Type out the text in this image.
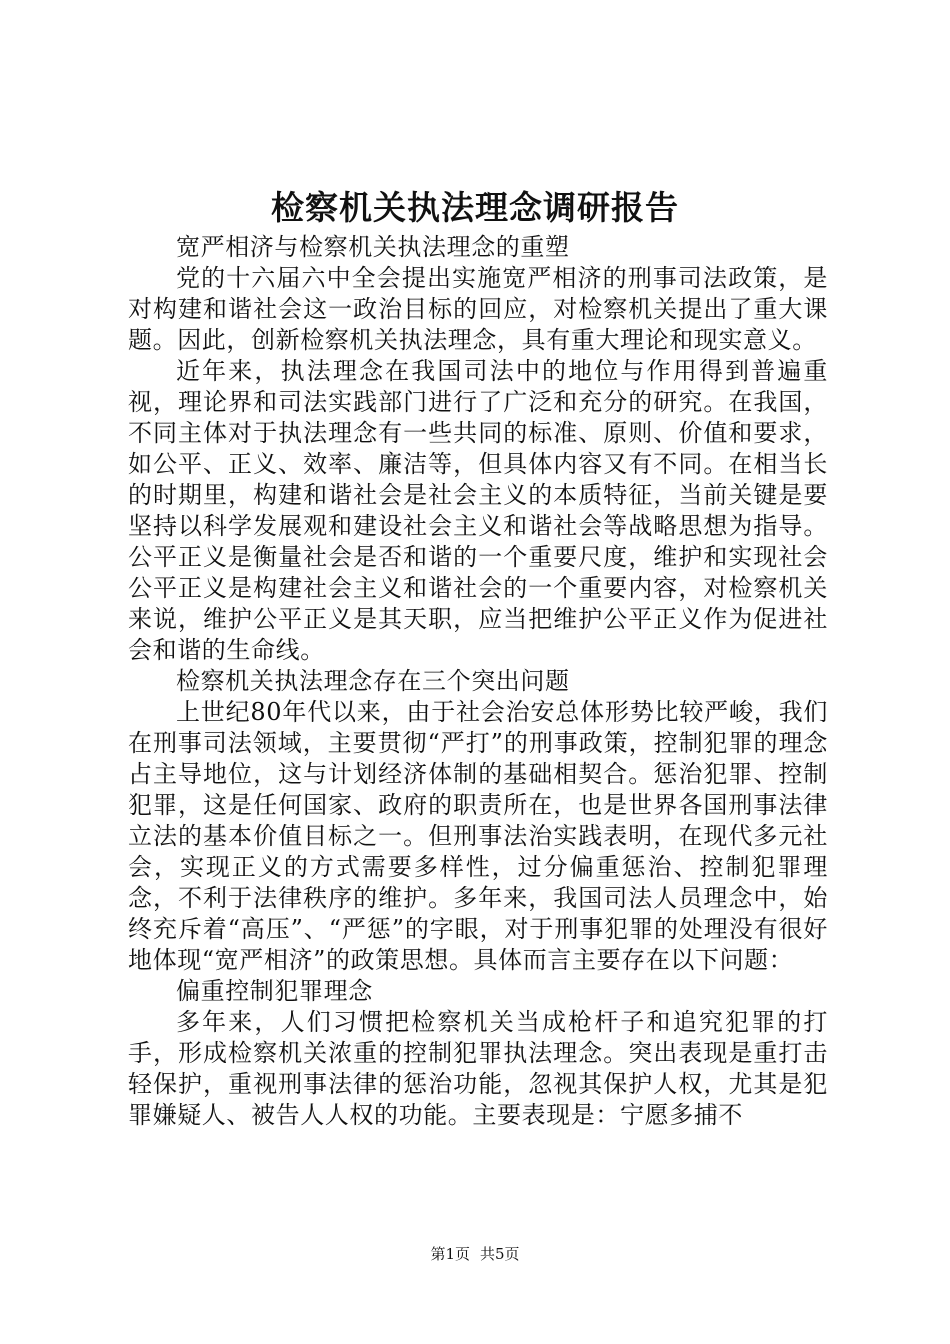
检察机关执法理念调研报告

宽严相济与检察机关执法理念的重塑

党的十六届六中全会提出实施宽严相济的刑事司法政策，是对构建和谐社会这一政治目标的回应，对检察机关提出了重大课题。因此，创新检察机关执法理念，具有重大理论和现实意义。

近年来，执法理念在我国司法中的地位与作用得到普遍重视，理论界和司法实践部门进行了广泛和充分的研究。在我国，不同主体对于执法理念有一些共同的标准、原则、价值和要求，如公平、正义、效率、廉洁等，但具体内容又有不同。在相当长的时期里，构建和谐社会是社会主义的本质特征，当前关键是要坚持以科学发展观和建设社会主义和谐社会等战略思想为指导。公平正义是衡量社会是否和谐的一个重要尺度，维护和实现社会公平正义是构建社会主义和谐社会的一个重要内容，对检察机关来说，维护公平正义是其天职，应当把维护公平正义作为促进社会和谐的生命线。

检察机关执法理念存在三个突出问题

上世纪80年代以来，由于社会治安总体形势比较严峻，我们在刑事司法领域，主要贯彻“严打”的刑事政策，控制犯罪的理念占主导地位，这与计划经济体制的基础相契合。惩治犯罪、控制犯罪，这是任何国家、政府的职责所在，也是世界各国刑事法律立法的基本价值目标之一。但刑事法治实践表明，在现代多元社会，实现正义的方式需要多样性，过分偏重惩治、控制犯罪理念，不利于法律秩序的维护。多年来，我国司法人员理念中，始终充斥着“高压”、“严惩”的字眼，对于刑事犯罪的处理没有很好地体现“宽严相济”的政策思想。具体而言主要存在以下问题：

偏重控制犯罪理念

多年来，人们习惯把检察机关当成枪杆子和追究犯罪的打手，形成检察机关浓重的控制犯罪执法理念。突出表现是重打击轻保护，重视刑事法律的惩治功能，忽视其保护人权，尤其是犯罪嫌疑人、被告人人权的功能。主要表现是：宁愿多捕不

第1页 共5页
